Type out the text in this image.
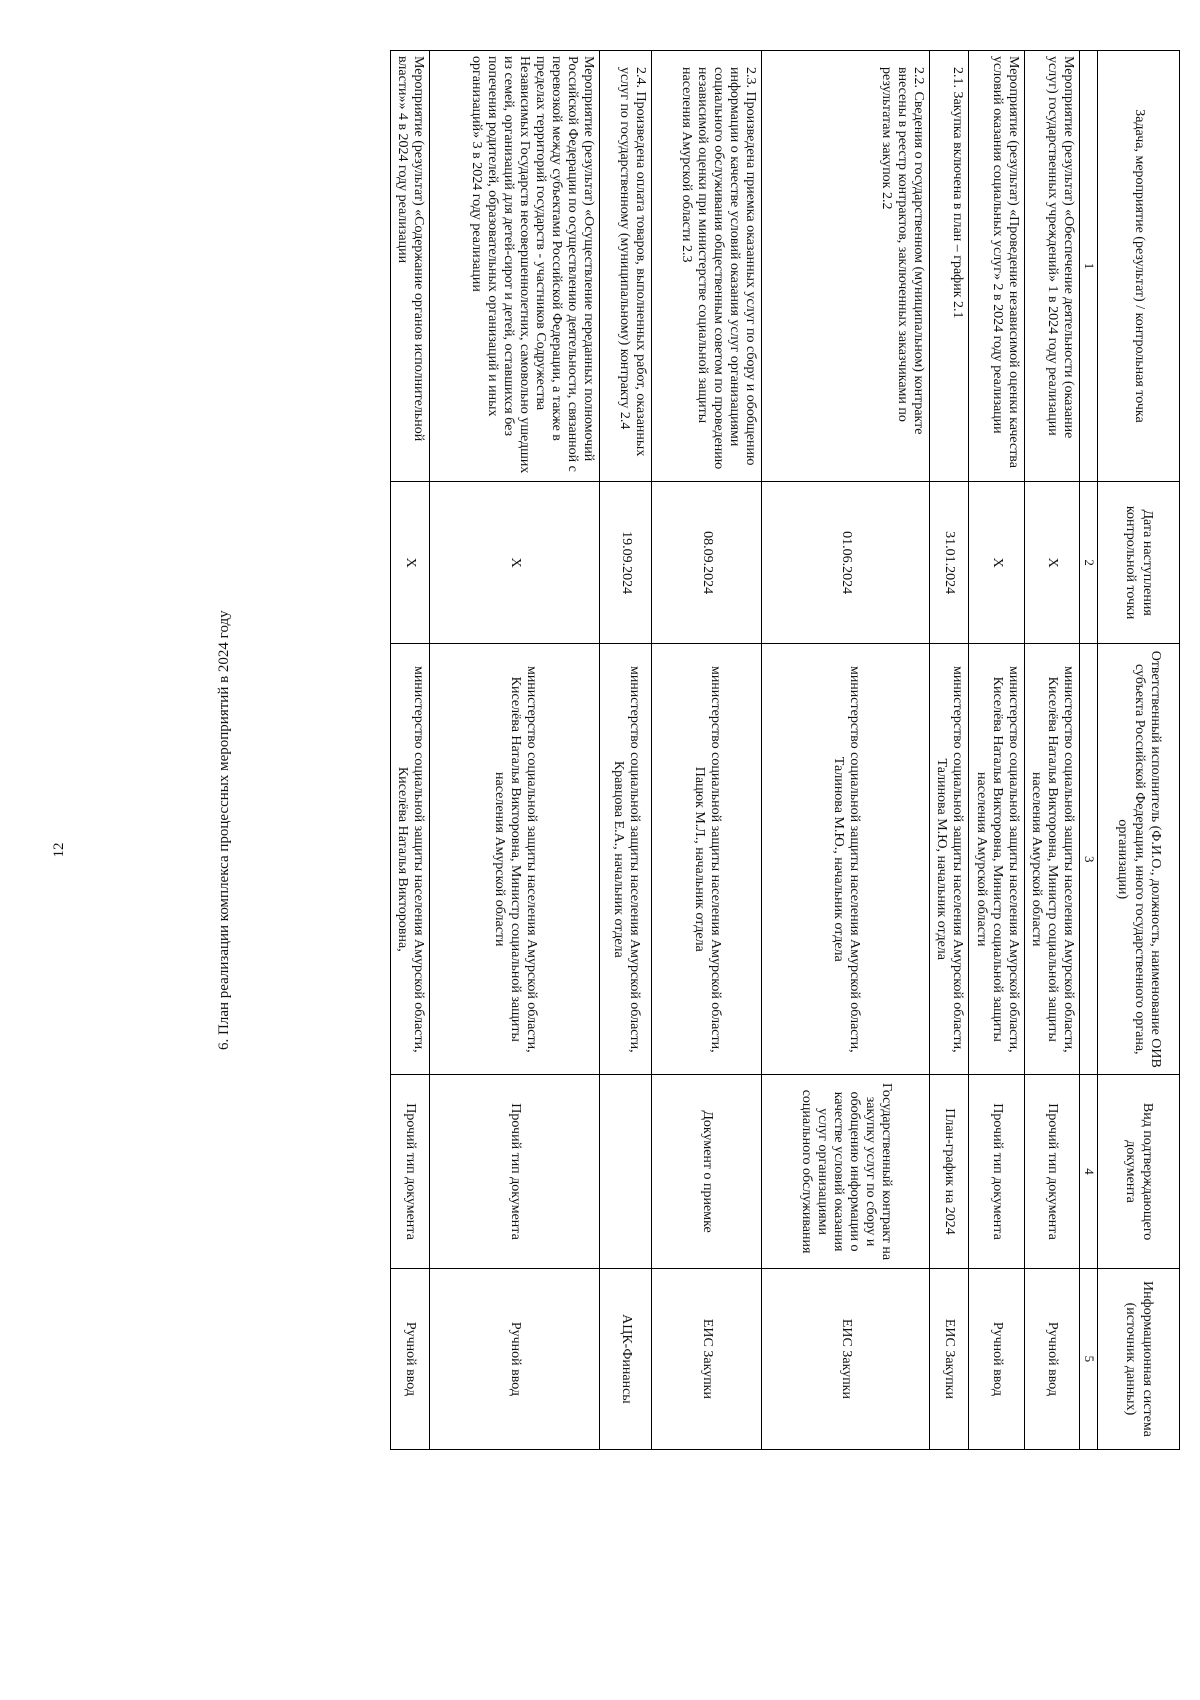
12	6. План реализации комплекса процессных мероприятий в 2024 году
Задача, мероприятие (результат) / контрольная точка	Дата наступления контрольной точки	Ответственный исполнитель (Ф.И.О., должность, наименование ОИВ субъекта Российской Федерации, иного государственного органа, организации)	Вид подтверждающего документа	Информационная система (источник данных)
1	2	3	4	5
Мероприятие (результат) «Обеспечение деятельности (оказание услуг) государственных учреждений» 1 в 2024 году реализации	X	министерство социальной защиты населения Амурской области, Киселёва Наталья Викторовна, Министр социальной защиты населения Амурской области	Прочий тип документа	Ручной ввод
Мероприятие (результат) «Проведение независимой оценки качества условий оказания социальных услуг» 2 в 2024 году реализации	X	министерство социальной защиты населения Амурской области, Киселёва Наталья Викторовна, Министр социальной защиты населения Амурской области	Прочий тип документа	Ручной ввод
2.1. Закупка включена в план – график 2.1	31.01.2024	министерство социальной защиты населения Амурской области, Талинова М.Ю, начальник отдела	План-график на 2024	ЕИС Закупки
2.2. Сведения о государственном (муниципальном) контракте внесены в реестр контрактов, заключенных заказчиками по результатам закупок 2.2	01.06.2024	министерство социальной защиты населения Амурской области, Талинова М.Ю., начальник отдела	Государственный контракт на закупку услуг по сбору и обобщению информации о качестве условий оказания услуг организациями социального обслуживания	ЕИС Закупки
2.3. Произведена приемка оказанных услуг по сбору и обобщению информации о качестве условий оказания услуг организациями социального обслуживания общественным советом по проведению независимой оценки при министерстве социальной защиты населения Амурской области 2.3	08.09.2024	министерство социальной защиты населения Амурской области, Пацюк М.Л., начальник отдела	Документ о приемке	ЕИС Закупки
2.4. Произведена оплата товаров, выполненных работ, оказанных услуг по государственному (муниципальному) контракту 2.4	19.09.2024	министерство социальной защиты населения Амурской области, Кравцова Е.А., начальник отдела		АЦК-Финансы
Мероприятие (результат) «Осуществление переданных полномочий Российской Федерации по осуществлению деятельности, связанной с перевозкой между субъектами Российской Федерации, а также в пределах территорий государств - участников Содружества Независимых Государств несовершеннолетних, самовольно ушедших из семей, организаций для детей-сирот и детей, оставшихся без попечения родителей, образовательных организаций и иных организаций» 3 в 2024 году реализации	X	министерство социальной защиты населения Амурской области, Киселёва Наталья Викторовна, Министр социальной защиты населения Амурской области	Прочий тип документа	Ручной ввод
Мероприятие (результат) «Содержание органов исполнительной власти»» 4 в 2024 году реализации	X	министерство социальной защиты населения Амурской области, Киселёва Наталья Викторовна,	Прочий тип документа	Ручной ввод
